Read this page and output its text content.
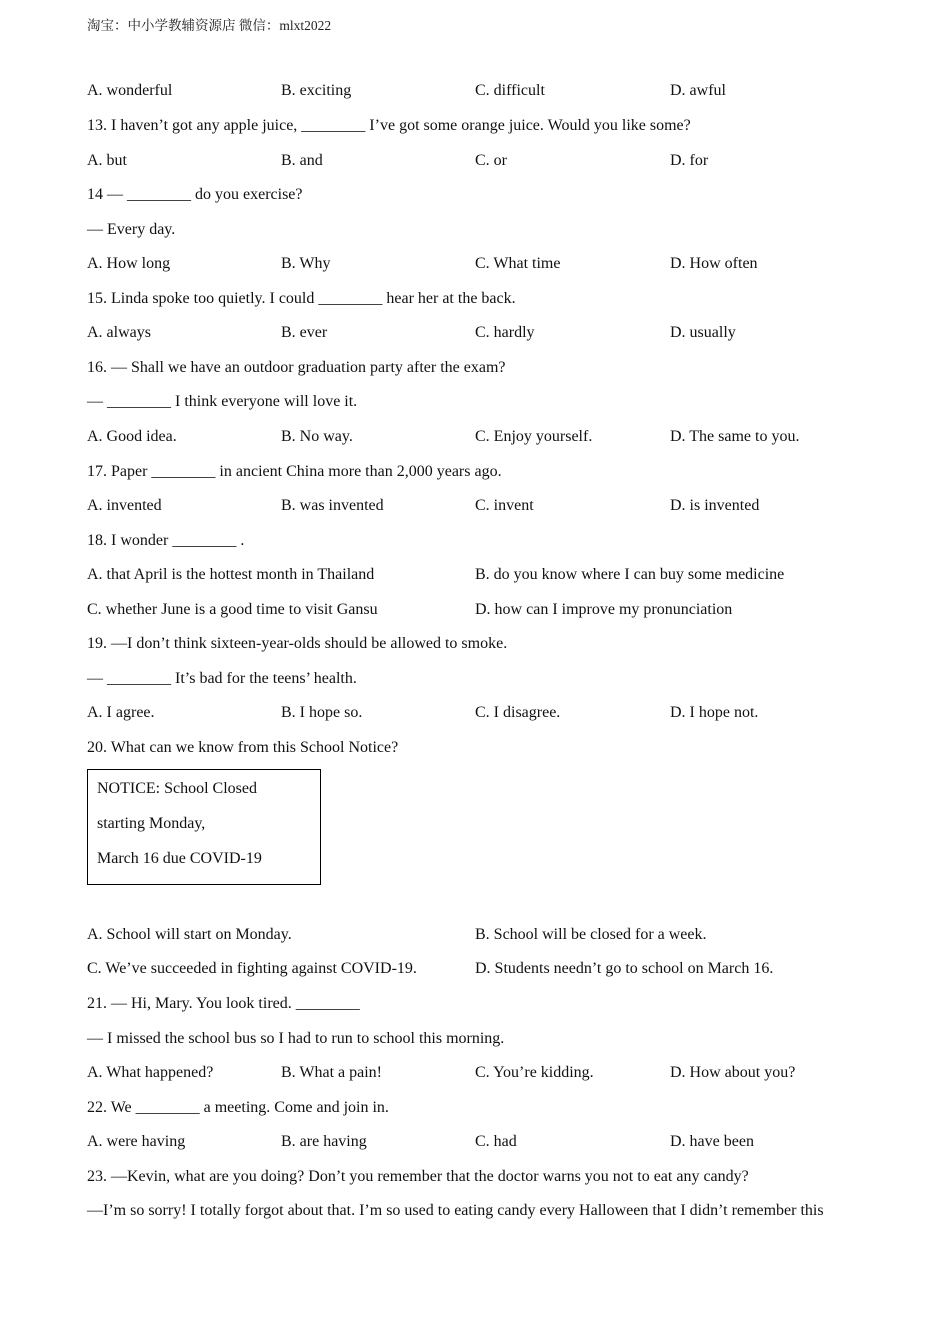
淘宝：中小学教辅资源店 微信：mlxt2022
A. wonderful	B. exciting	C. difficult	D. awful
13. I haven’t got any apple juice, ________ I’ve got some orange juice. Would you like some?
A. but	B. and	C. or	D. for
14 — ________ do you exercise?
— Every day.
A. How long	B. Why	C. What time	D. How often
15. Linda spoke too quietly. I could ________ hear her at the back.
A. always	B. ever	C. hardly	D. usually
16. — Shall we have an outdoor graduation party after the exam?
— ________ I think everyone will love it.
A. Good idea.	B. No way.	C. Enjoy yourself.	D. The same to you.
17. Paper ________ in ancient China more than 2,000 years ago.
A. invented	B. was invented	C. invent	D. is invented
18. I wonder ________ .
A. that April is the hottest month in Thailand	B. do you know where I can buy some medicine
C. whether June is a good time to visit Gansu	D. how can I improve my pronunciation
19. —I don’t think sixteen-year-olds should be allowed to smoke.
— ________ It’s bad for the teens’ health.
A. I agree.	B. I hope so.	C. I disagree.	D. I hope not.
20. What can we know from this School Notice?
NOTICE: School Closed
starting Monday,
March 16 due COVID-19
A. School will start on Monday.	B. School will be closed for a week.
C. We’ve succeeded in fighting against COVID-19.	D. Students needn’t go to school on March 16.
21. — Hi, Mary. You look tired. ________
— I missed the school bus so I had to run to school this morning.
A. What happened?	B. What a pain!	C. You’re kidding.	D. How about you?
22. We ________ a meeting. Come and join in.
A. were having	B. are having	C. had	D. have been
23. —Kevin, what are you doing? Don’t you remember that the doctor warns you not to eat any candy?
—I’m so sorry! I totally forgot about that. I’m so used to eating candy every Halloween that I didn’t remember this
